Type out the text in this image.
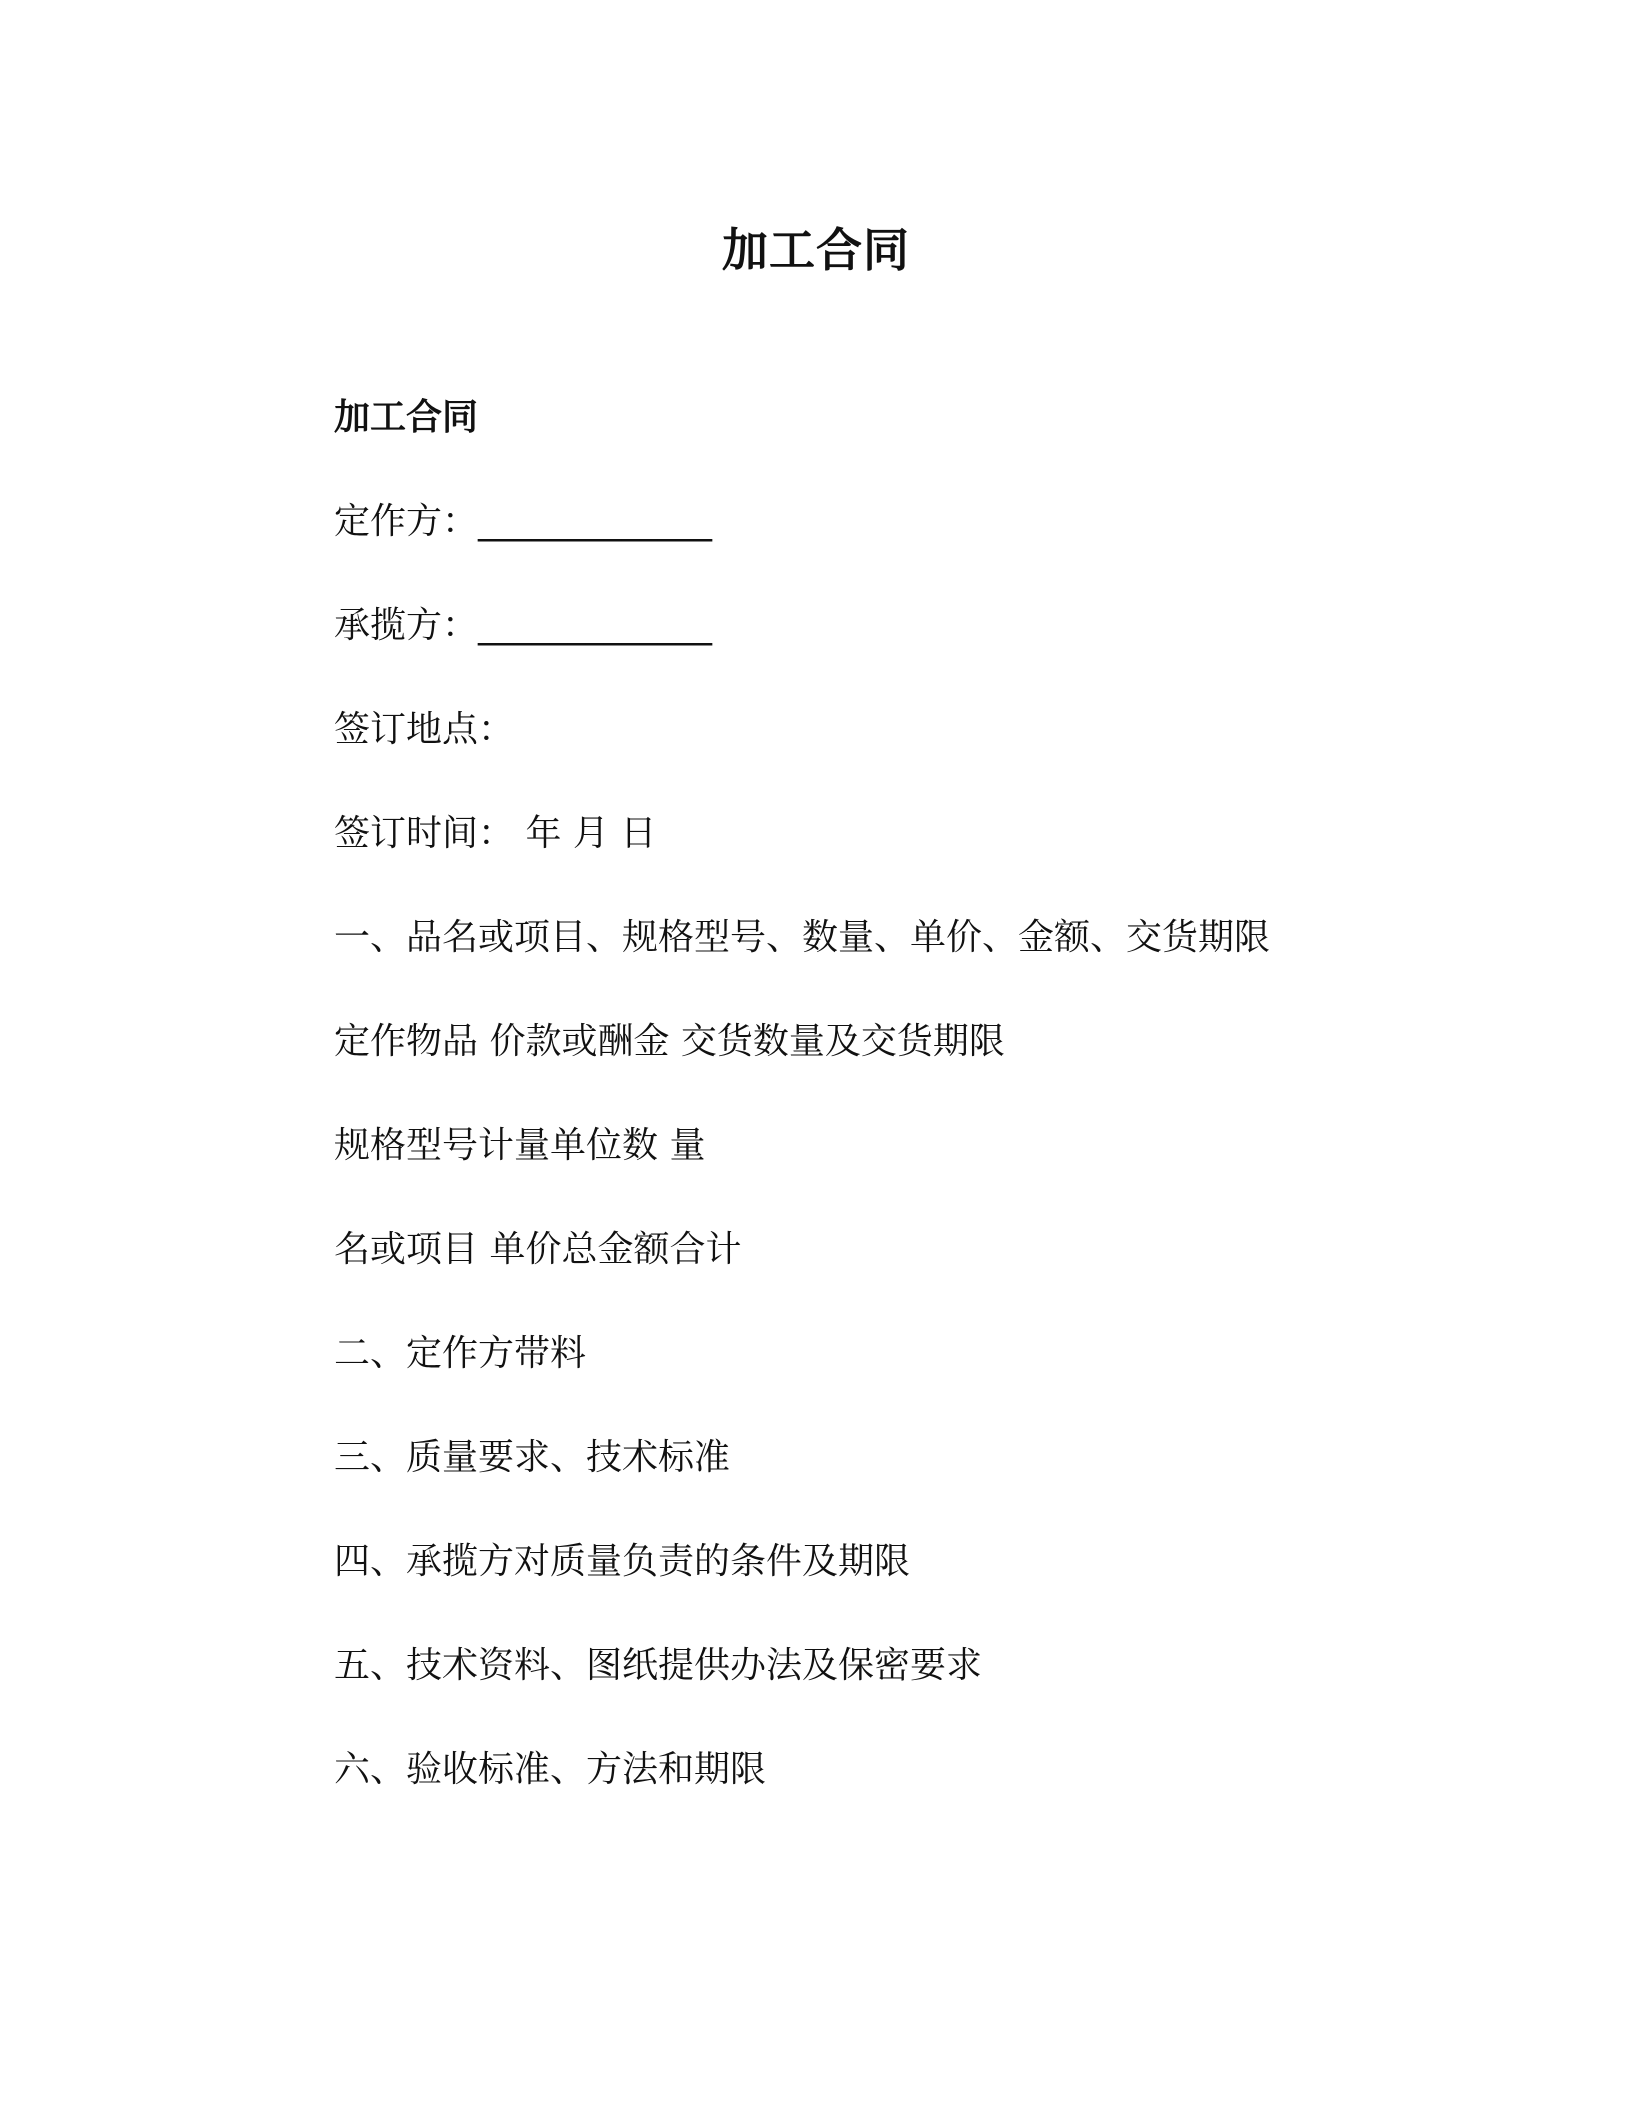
加工合同
加工合同
定作方：_____________
承揽方：_____________
签订地点：
签订时间： 年 月 日
一、品名或项目、规格型号、数量、单价、金额、交货期限
定作物品 价款或酬金 交货数量及交货期限
规格型号计量单位数 量
名或项目 单价总金额合计
二、定作方带料
三、质量要求、技术标准
四、承揽方对质量负责的条件及期限
五、技术资料、图纸提供办法及保密要求
六、验收标准、方法和期限
